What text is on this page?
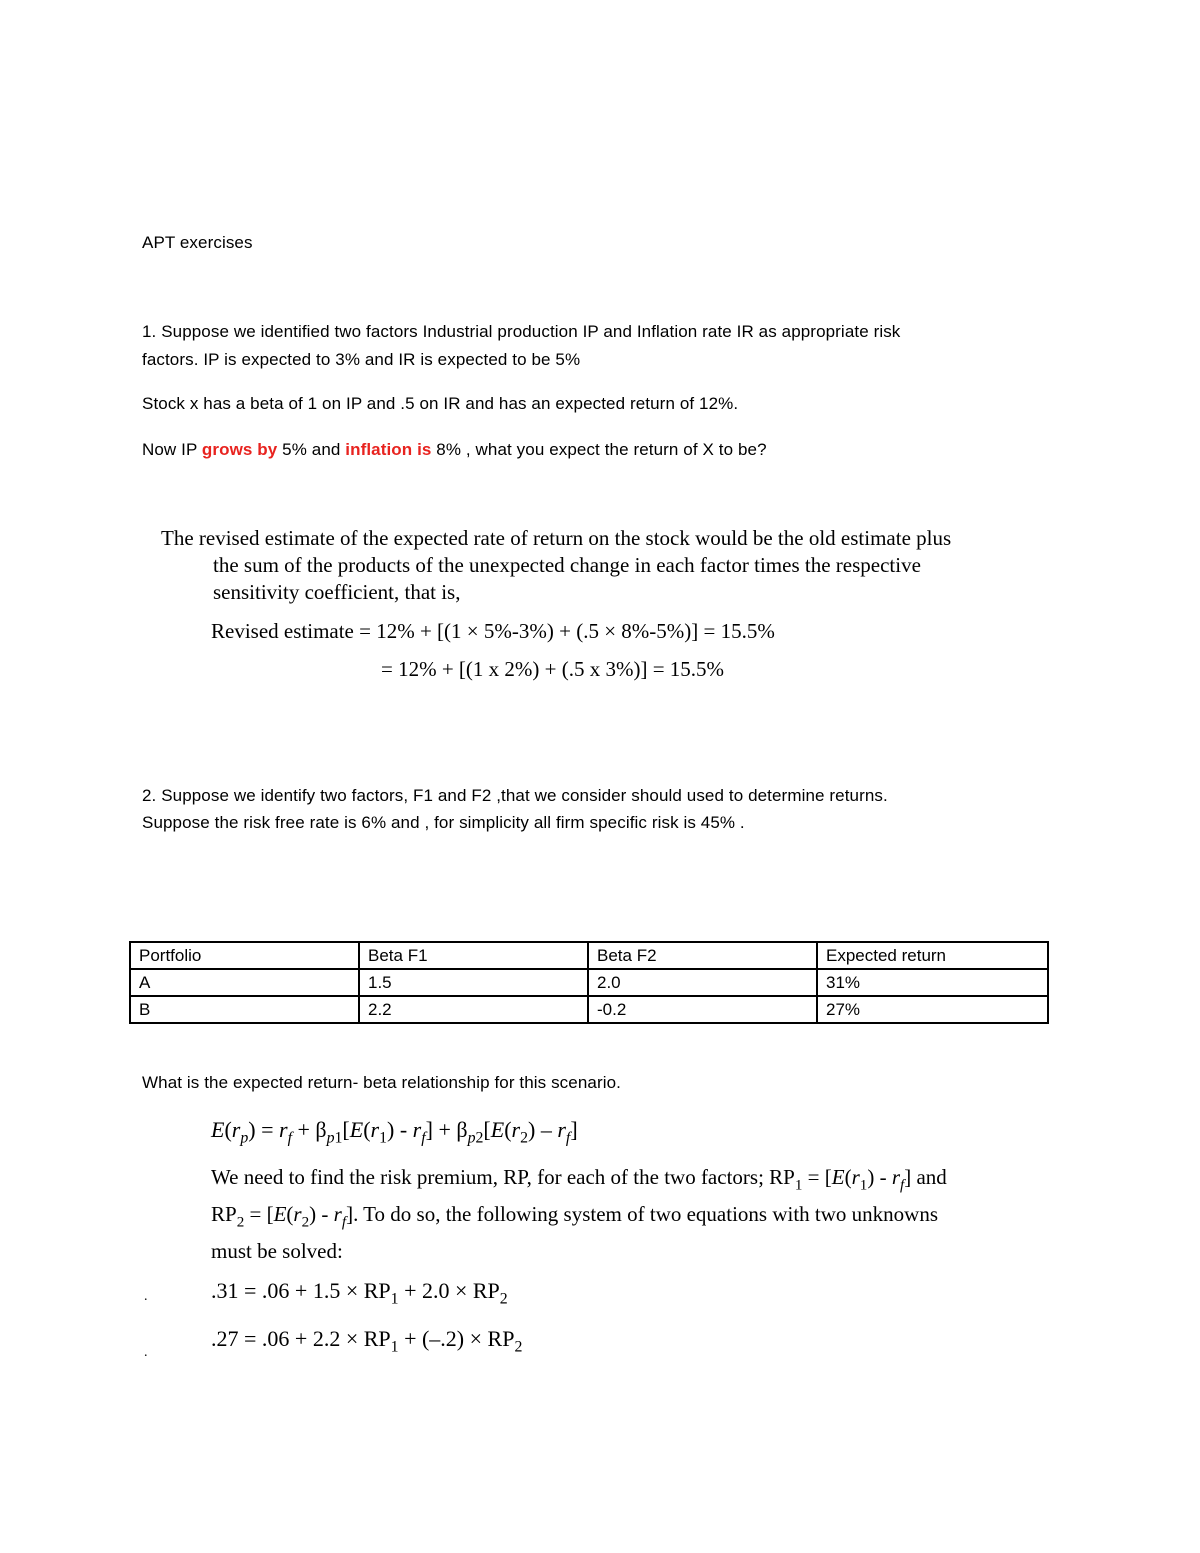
APT exercises
1. Suppose we identified two factors Industrial production IP and Inflation rate IR as appropriate risk
factors. IP is expected to 3% and IR is expected to be 5%
Stock x has a beta of 1 on IP and .5 on IR and has an expected return of 12%.
Now IP grows by 5% and inflation is 8% , what you expect the return of X to be?
The revised estimate of the expected rate of return on the stock would be the old estimate plus
the sum of the products of the unexpected change in each factor times the respective
sensitivity coefficient, that is,
Revised estimate = 12% + [(1 × 5%-3%) + (.5 × 8%-5%)] = 15.5%
= 12% + [(1 x 2%) + (.5 x 3%)] = 15.5%
2. Suppose we identify two factors, F1 and F2 ,that we consider should used to determine returns.
Suppose the risk free rate is 6% and , for simplicity all firm specific risk is 45% .
Portfolio	Beta F1	Beta F2	Expected return
A	1.5	2.0	31%
B	2.2	-0.2	27%
What is the expected return- beta relationship for this scenario.
$E(r_p) = r_f + \beta_{p1}[E(r_1) - r_f] + \beta_{p2}[E(r_2) - r_f]$
We need to find the risk premium, RP, for each of the two factors; $RP_1 = [E(r_1) - r_f]$ and
$RP_2 = [E(r_2) - r_f]$. To do so, the following system of two equations with two unknowns
must be solved:
.	$.31 = .06 + 1.5 \times RP_1 + 2.0 \times RP_2$
.
$.27 = .06 + 2.2 \times RP_1 + (-.2) \times RP_2$
